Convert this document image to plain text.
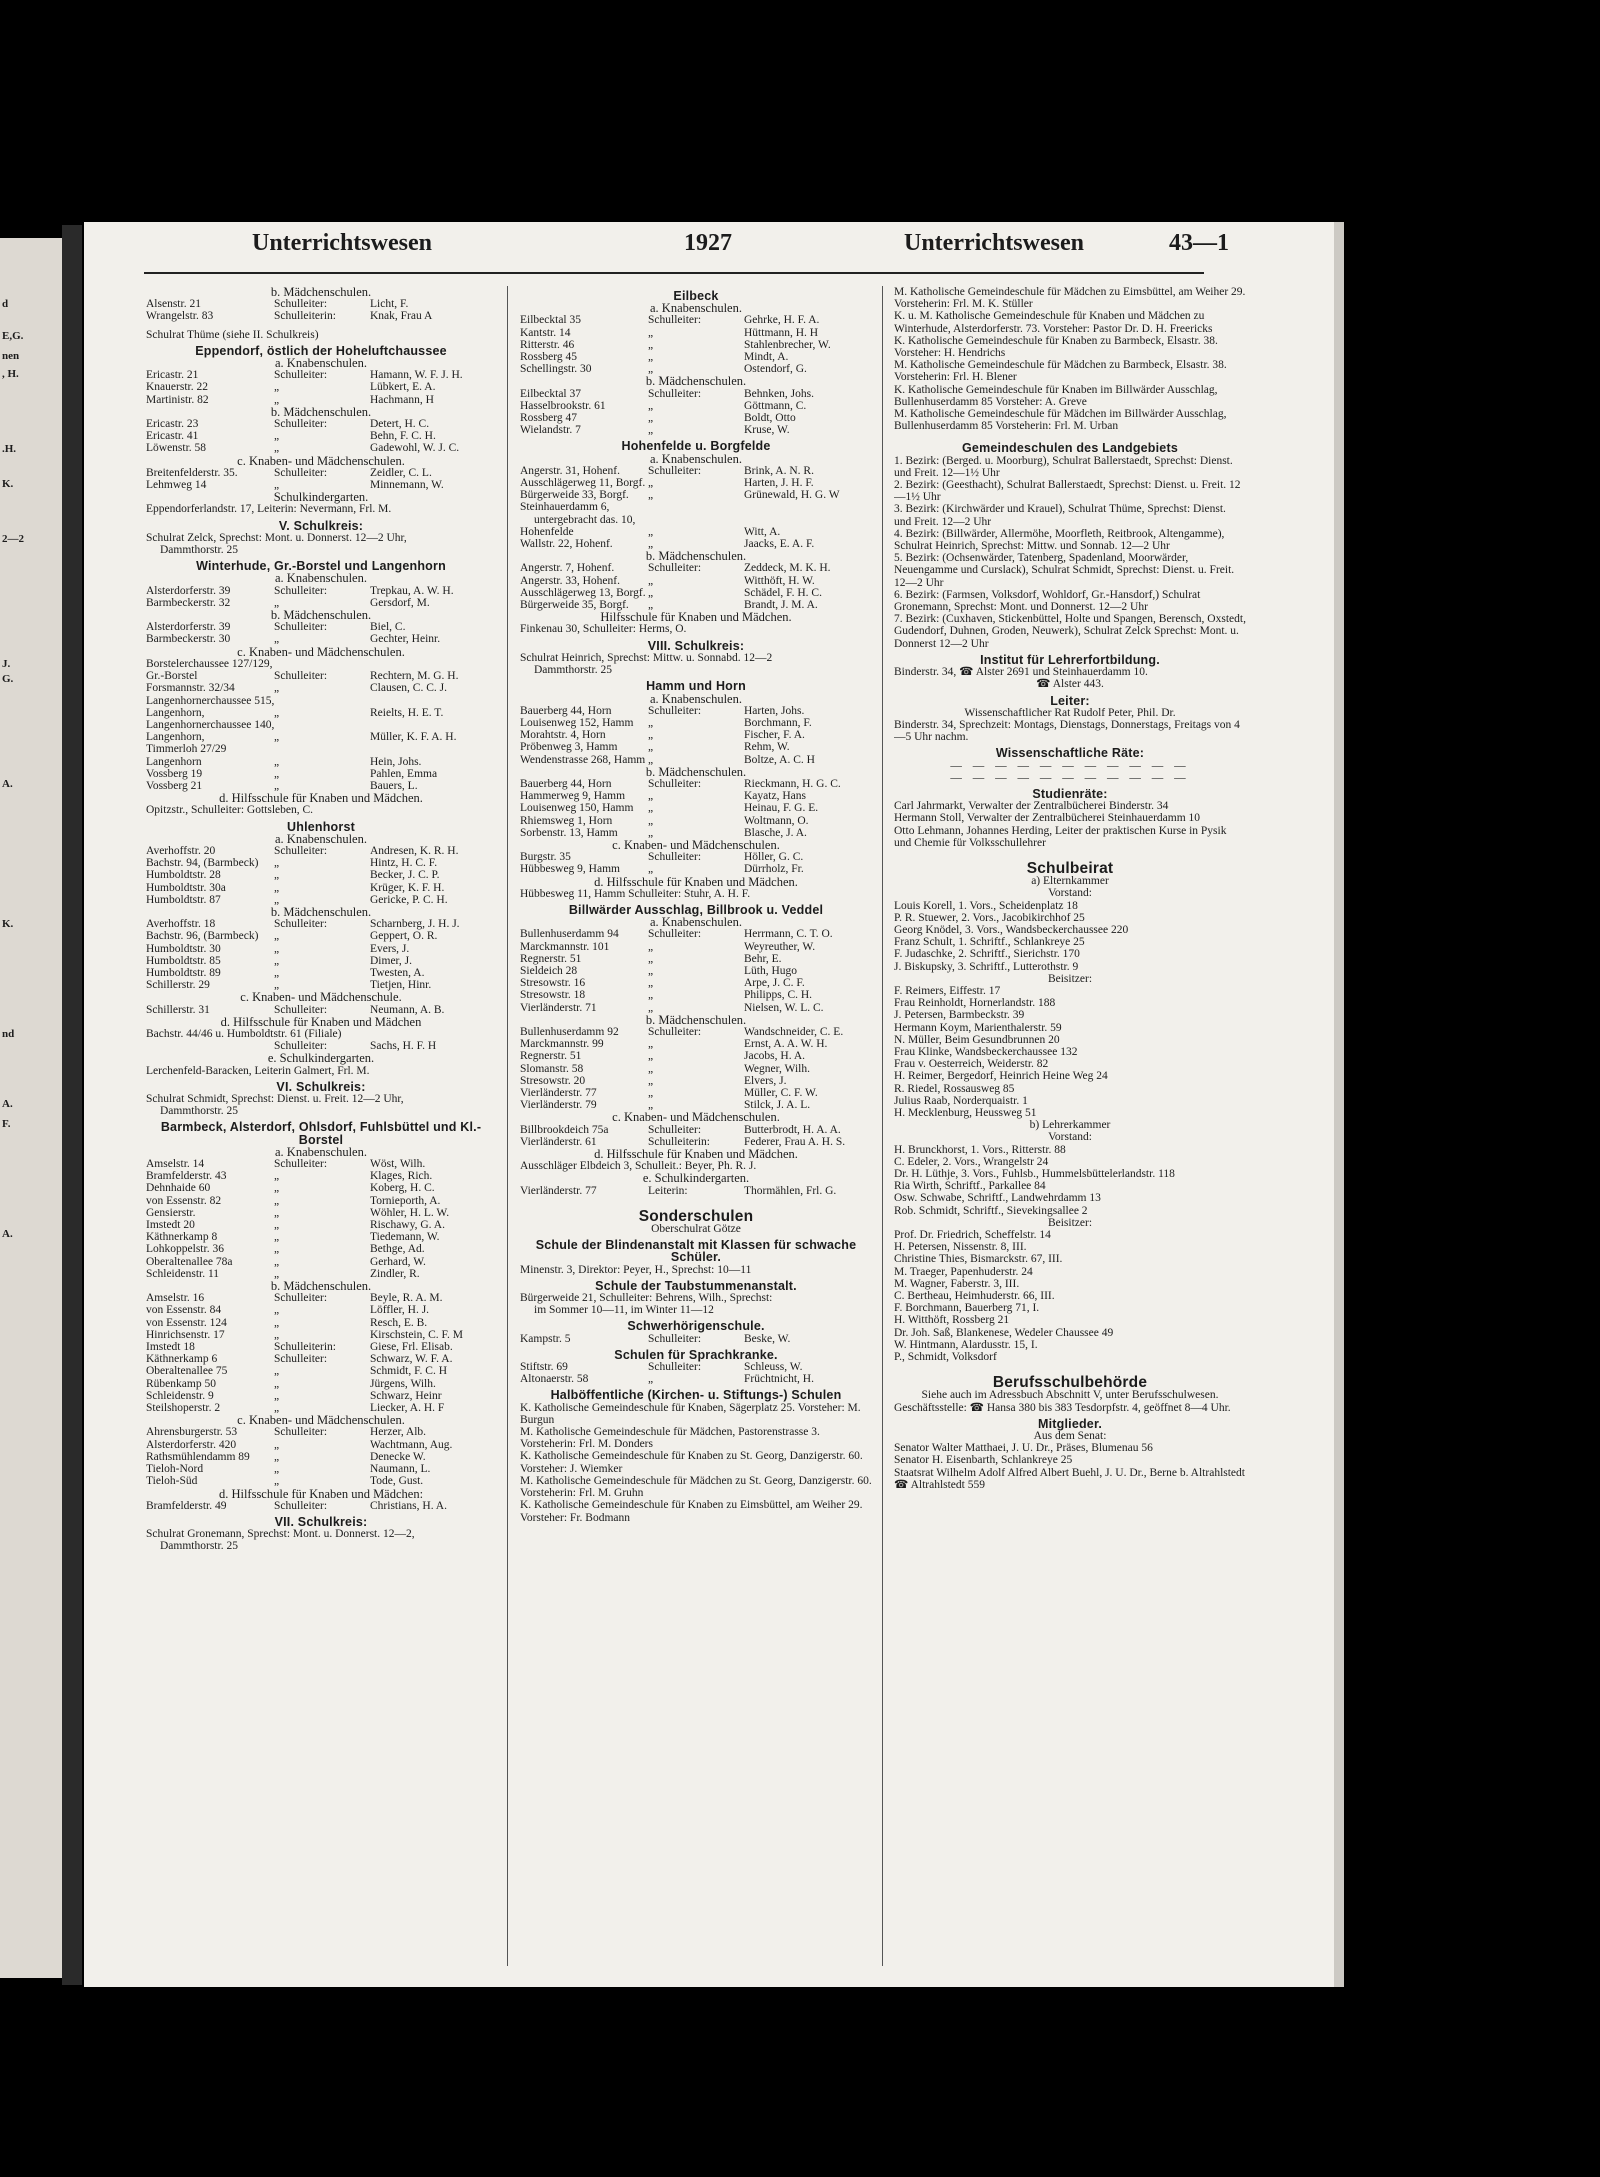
d
E,G.
nen
, H.
.H.
K.
2—2
J.
G.
A.
K.
nd
A.
F.
A.
Unterrichtswesen	1927	Unterrichtswesen	43—1
b. Mädchenschulen.
Alsenstr. 21	Schulleiter:	Licht, F.
Wrangelstr. 83	Schulleiterin:	Knak, Frau A
Schulrat Thüme (siehe II. Schulkreis)
Eppendorf, östlich der Hoheluftchaussee
a. Knabenschulen.
Ericastr. 21	Schulleiter:	Hamann, W. F. J. H.
Knauerstr. 22	„	Lübkert, E. A.
Martinistr. 82	„	Hachmann, H
b. Mädchenschulen.
Ericastr. 23	Schulleiter:	Detert, H. C.
Ericastr. 41	„	Behn, F. C. H.
Löwenstr. 58	„	Gadewohl, W. J. C.
c. Knaben- und Mädchenschulen.
Breitenfelderstr. 35.	Schulleiter:	Zeidler, C. L.
Lehmweg 14	„	Minnemann, W.
Schulkindergarten.
Eppendorferlandstr. 17, Leiterin: Nevermann, Frl. M.
V. Schulkreis:
Schulrat Zelck, Sprechst: Mont. u. Donnerst. 12—2 Uhr,
Dammthorstr. 25
Winterhude, Gr.-Borstel und Langenhorn
a. Knabenschulen.
Alsterdorferstr. 39	Schulleiter:	Trepkau, A. W. H.
Barmbeckerstr. 32	„	Gersdorf, M.
b. Mädchenschulen.
Alsterdorferstr. 39	Schulleiter:	Biel, C.
Barmbeckerstr. 30	„	Gechter, Heinr.
c. Knaben- und Mädchenschulen.
Borstelerchaussee 127/129,
Gr.-Borstel	Schulleiter:	Rechtern, M. G. H.
Forsmannstr. 32/34	„	Clausen, C. C. J.
Langenhornerchaussee 515,
Langenhorn,	„	Reielts, H. E. T.
Langenhornerchaussee 140,
Langenhorn,	„	Müller, K. F. A. H.
Timmerloh 27/29
Langenhorn	„	Hein, Johs.
Vossberg 19	„	Pahlen, Emma
Vossberg 21	„	Bauers, L.
d. Hilfsschule für Knaben und Mädchen.
Opitzstr., Schulleiter: Gottsleben, C.
Uhlenhorst
a. Knabenschulen.
Averhoffstr. 20	Schulleiter:	Andresen, K. R. H.
Bachstr. 94, (Barmbeck) „	Hintz, H. C. F.
Humboldtstr. 28	„	Becker, J. C. P.
Humboldtstr. 30a	„	Krüger, K. F. H.
Humboldtstr. 87	„	Gericke, P. C. H.
b. Mädchenschulen.
Averhoffstr. 18	Schulleiter:	Scharnberg, J. H. J.
Bachstr. 96, (Barmbeck) „	Geppert, O. R.
Humboldtstr. 30	„	Evers, J.
Humboldtstr. 85	„	Dimer, J.
Humboldtstr. 89	„	Twesten, A.
Schillerstr. 29	„	Tietjen, Hinr.
c. Knaben- und Mädchenschule.
Schillerstr. 31	Schulleiter:	Neumann, A. B.
d. Hilfsschule für Knaben und Mädchen
Bachstr. 44/46 u. Humboldtstr. 61 (Filiale)
Schulleiter:	Sachs, H. F. H
e. Schulkindergarten.
Lerchenfeld-Baracken, Leiterin Galmert, Frl. M.
VI. Schulkreis:
Schulrat Schmidt, Sprechst: Dienst. u. Freit. 12—2 Uhr,
Dammthorstr. 25
Barmbeck, Alsterdorf, Ohlsdorf, Fuhlsbüttel und Kl.-Borstel
a. Knabenschulen.
Amselstr. 14	Schulleiter:	Wöst, Wilh.
Bramfelderstr. 43	„	Klages, Rich.
Dehnhaide 60	„	Koberg, H. C.
von Essenstr. 82	„	Tornieporth, A.
Gensierstr.	„	Wöhler, H. L. W.
Imstedt 20	„	Rischawy, G. A.
Käthnerkamp 8	„	Tiedemann, W.
Lohkoppelstr. 36	„	Bethge, Ad.
Oberaltenallee 78a	„	Gerhard, W.
Schleidenstr. 11	„	Zindler, R.
b. Mädchenschulen.
Amselstr. 16	Schulleiter:	Beyle, R. A. M.
von Essenstr. 84	„	Löffler, H. J.
von Essenstr. 124	„	Resch, E. B.
Hinrichsenstr. 17	„	Kirschstein, C. F. M
Imstedt 18	Schulleiterin:	Giese, Frl. Elisab.
Käthnerkamp 6	Schulleiter:	Schwarz, W. F. A.
Oberaltenallee 75	„	Schmidt, F. C. H
Rübenkamp 50	„	Jürgens, Wilh.
Schleidenstr. 9	„	Schwarz, Heinr
Steilshoperstr. 2	„	Liecker, A. H. F
c. Knaben- und Mädchenschulen.
Ahrensburgerstr. 53	Schulleiter:	Herzer, Alb.
Alsterdorferstr. 420	„	Wachtmann, Aug.
Rathsmühlendamm 89 „	Denecke W.
Tieloh-Nord	„	Naumann, L.
Tieloh-Süd	„	Tode, Gust.
d. Hilfsschule für Knaben und Mädchen:
Bramfelderstr. 49	Schulleiter:	Christians, H. A.
VII. Schulkreis:
Schulrat Gronemann, Sprechst: Mont. u. Donnerst. 12—2,
Dammthorstr. 25
Eilbeck
a. Knabenschulen.
Eilbecktal 35	Schulleiter:	Gehrke, H. F. A.
Kantstr. 14	„	Hüttmann, H. H
Ritterstr. 46	„	Stahlenbrecher, W.
Rossberg 45	„	Mindt, A.
Schellingstr. 30	„	Ostendorf, G.
b. Mädchenschulen.
Eilbecktal 37	Schulleiter:	Behnken, Johs.
Hasselbrookstr. 61	„	Göttmann, C.
Rossberg 47	„	Boldt, Otto
Wielandstr. 7	„	Kruse, W.
Hohenfelde u. Borgfelde
a. Knabenschulen.
Angerstr. 31, Hohenf. Schulleiter:	Brink, A. N. R.
Ausschlägerweg 11, Borgf. „	Harten, J. H. F.
Bürgerweide 33, Borgf. „	Grünewald, H. G. W
Steinhauerdamm 6,
untergebracht das. 10,
Hohenfelde	„	Witt, A.
Wallstr. 22, Hohenf.	„	Jaacks, E. A. F.
b. Mädchenschulen.
Angerstr. 7, Hohenf.	Schulleiter:	Zeddeck, M. K. H.
Angerstr. 33, Hohenf. „	Witthöft, H. W.
Ausschlägerweg 13, Borgf. „	Schädel, F. H. C.
Bürgerweide 35, Borgf. „	Brandt, J. M. A.
Hilfsschule für Knaben und Mädchen.
Finkenau 30, Schulleiter: Herms, O.
VIII. Schulkreis:
Schulrat Heinrich, Sprechst: Mittw. u. Sonnabd. 12—2
Dammthorstr. 25
Hamm und Horn
a. Knabenschulen.
Bauerberg 44, Horn	Schulleiter:	Harten, Johs.
Louisenweg 152, Hamm „	Borchmann, F.
Morahtstr. 4, Horn	„	Fischer, F. A.
Pröbenweg 3, Hamm	„	Rehm, W.
Wendenstrasse 268, Hamm „	Boltze, A. C. H
b. Mädchenschulen.
Bauerberg 44, Horn	Schulleiter:	Rieckmann, H. G. C.
Hammerweg 9, Hamm „	Kayatz, Hans
Louisenweg 150, Hamm „	Heinau, F. G. E.
Rhiemsweg 1, Horn	„	Woltmann, O.
Sorbenstr. 13, Hamm	„	Blasche, J. A.
c. Knaben- und Mädchenschulen.
Burgstr. 35	Schulleiter:	Höller, G. C.
Hübbesweg 9, Hamm „	Dürrholz, Fr.
d. Hilfsschule für Knaben und Mädchen.
Hübbesweg 11, Hamm Schulleiter: Stuhr, A. H. F.
Billwärder Ausschlag, Billbrook u. Veddel
a. Knabenschulen.
Bullenhuserdamm 94	Schulleiter:	Herrmann, C. T. O.
Marckmannstr. 101	„	Weyreuther, W.
Regnerstr. 51	„	Behr, E.
Sieldeich 28	„	Lüth, Hugo
Stresowstr. 16	„	Arpe, J. C. F.
Stresowstr. 18	„	Philipps, C. H.
Vierländerstr. 71	„	Nielsen, W. L. C.
b. Mädchenschulen.
Bullenhuserdamm 92	Schulleiter:	Wandschneider, C. E.
Marckmannstr. 99	„	Ernst, A. A. W. H.
Regnerstr. 51	„	Jacobs, H. A.
Slomanstr. 58	„	Wegner, Wilh.
Stresowstr. 20	„	Elvers, J.
Vierländerstr. 77	„	Müller, C. F. W.
Vierländerstr. 79	„	Stilck, J. A. L.
c. Knaben- und Mädchenschulen.
Billbrookdeich 75a	Schulleiter:	Butterbrodt, H. A. A.
Vierländerstr. 61	Schulleiterin:	Federer, Frau A. H. S.
d. Hilfsschule für Knaben und Mädchen.
Ausschläger Elbdeich 3, Schulleit.: Beyer, Ph. R. J.
e. Schulkindergarten.
Vierländerstr. 77	Leiterin:	Thormählen, Frl. G.
Sonderschulen
Oberschulrat Götze
Schule der Blindenanstalt mit Klassen für schwache Schüler.
Minenstr. 3, Direktor: Peyer, H., Sprechst: 10—11
Schule der Taubstummenanstalt.
Bürgerweide 21, Schulleiter: Behrens, Wilh., Sprechst:
im Sommer 10—11, im Winter 11—12
Schwerhörigenschule.
Kampstr. 5	Schulleiter:	Beske, W.
Schulen für Sprachkranke.
Stiftstr. 69	Schulleiter:	Schleuss, W.
Altonaerstr. 58	„	Früchtnicht, H.
Halböffentliche (Kirchen- u. Stiftungs-) Schulen
K. Katholische Gemeindeschule für Knaben, Sägerplatz 25. Vorsteher: M. Burgun
M. Katholische Gemeindeschule für Mädchen, Pastorenstrasse 3. Vorsteherin: Frl. M. Donders
K. Katholische Gemeindeschule für Knaben zu St. Georg, Danzigerstr. 60. Vorsteher: J. Wiemker
M. Katholische Gemeindeschule für Mädchen zu St. Georg, Danzigerstr. 60. Vorsteherin: Frl. M. Gruhn
K. Katholische Gemeindeschule für Knaben zu Eimsbüttel, am Weiher 29. Vorsteher: Fr. Bodmann
M. Katholische Gemeindeschule für Mädchen zu Eimsbüttel, am Weiher 29. Vorsteherin: Frl. M. K. Stüller
K. u. M. Katholische Gemeindeschule für Knaben und Mädchen zu Winterhude, Alsterdorferstr. 73. Vorsteher: Pastor Dr. D. H. Freericks
K. Katholische Gemeindeschule für Knaben zu Barmbeck, Elsastr. 38. Vorsteher: H. Hendrichs
M. Katholische Gemeindeschule für Mädchen zu Barmbeck, Elsastr. 38. Vorsteherin: Frl. H. Blener
K. Katholische Gemeindeschule für Knaben im Billwärder Ausschlag, Bullenhuserdamm 85 Vorsteher: A. Greve
M. Katholische Gemeindeschule für Mädchen im Billwärder Ausschlag, Bullenhuserdamm 85 Vorsteherin: Frl. M. Urban
Gemeindeschulen des Landgebiets
1. Bezirk: (Berged. u. Moorburg), Schulrat Ballerstaedt, Sprechst: Dienst. und Freit. 12—1½ Uhr
2. Bezirk: (Geesthacht), Schulrat Ballerstaedt, Sprechst: Dienst. u. Freit. 12—1½ Uhr
3. Bezirk: (Kirchwärder und Krauel), Schulrat Thüme, Sprechst: Dienst. und Freit. 12—2 Uhr
4. Bezirk: (Billwärder, Allermöhe, Moorfleth, Reitbrook, Altengamme), Schulrat Heinrich, Sprechst: Mittw. und Sonnab. 12—2 Uhr
5. Bezirk: (Ochsenwärder, Tatenberg, Spadenland, Moorwärder, Neuengamme und Curslack), Schulrat Schmidt, Sprechst: Dienst. u. Freit. 12—2 Uhr
6. Bezirk: (Farmsen, Volksdorf, Wohldorf, Gr.-Hansdorf,) Schulrat Gronemann, Sprechst: Mont. und Donnerst. 12—2 Uhr
7. Bezirk: (Cuxhaven, Stickenbüttel, Holte und Spangen, Berensch, Oxstedt, Gudendorf, Duhnen, Groden, Neuwerk), Schulrat Zelck Sprechst: Mont. u. Donnerst 12—2 Uhr
Institut für Lehrerfortbildung.
Binderstr. 34, ☎ Alster 2691 und Steinhauerdamm 10.
☎ Alster 443.
Leiter:
Wissenschaftlicher Rat Rudolf Peter, Phil. Dr.
Binderstr. 34, Sprechzeit: Montags, Dienstags, Donnerstags, Freitags von 4—5 Uhr nachm.
Wissenschaftliche Räte:
— — — — — — — — — — —
— — — — — — — — — — —
Studienräte:
Carl Jahrmarkt, Verwalter der Zentralbücherei Binderstr. 34
Hermann Stoll, Verwalter der Zentralbücherei Steinhauerdamm 10
Otto Lehmann, Johannes Herding, Leiter der praktischen Kurse in Pysik und Chemie für Volksschullehrer
Schulbeirat
a) Elternkammer
Vorstand:
Louis Korell, 1. Vors., Scheidenplatz 18
P. R. Stuewer, 2. Vors., Jacobikirchhof 25
Georg Knödel, 3. Vors., Wandsbeckerchaussee 220
Franz Schult, 1. Schriftf., Schlankreye 25
F. Judaschke, 2. Schriftf., Sierichstr. 170
J. Biskupsky, 3. Schriftf., Lutterothstr. 9
Beisitzer:
F. Reimers, Eiffestr. 17
Frau Reinholdt, Hornerlandstr. 188
J. Petersen, Barmbeckstr. 39
Hermann Koym, Marienthalerstr. 59
N. Müller, Beim Gesundbrunnen 20
Frau Klinke, Wandsbeckerchaussee 132
Frau v. Oesterreich, Weiderstr. 82
H. Reimer, Bergedorf, Heinrich Heine Weg 24
R. Riedel, Rossausweg 85
Julius Raab, Norderquaistr. 1
H. Mecklenburg, Heussweg 51
b) Lehrerkammer
Vorstand:
H. Brunckhorst, 1. Vors., Ritterstr. 88
C. Edeler, 2. Vors., Wrangelstr 24
Dr. H. Lüthje, 3. Vors., Fuhlsb., Hummelsbüttelerlandstr. 118
Ria Wirth, Schriftf., Parkallee 84
Osw. Schwabe, Schriftf., Landwehrdamm 13
Rob. Schmidt, Schriftf., Sievekingsallee 2
Beisitzer:
Prof. Dr. Friedrich, Scheffelstr. 14
H. Petersen, Nissenstr. 8, III.
Christine Thies, Bismarckstr. 67, III.
M. Traeger, Papenhuderstr. 24
M. Wagner, Faberstr. 3, III.
C. Bertheau, Heimhuderstr. 66, III.
F. Borchmann, Bauerberg 71, I.
H. Witthöft, Rossberg 21
Dr. Joh. Saß, Blankenese, Wedeler Chaussee 49
W. Hintmann, Alardusstr. 15, I.
P., Schmidt, Volksdorf
Berufsschulbehörde
Siehe auch im Adressbuch Abschnitt V, unter Berufsschulwesen.
Geschäftsstelle: ☎ Hansa 380 bis 383 Tesdorpfstr. 4, geöffnet 8—4 Uhr.
Mitglieder.
Aus dem Senat:
Senator Walter Matthaei, J. U. Dr., Präses, Blumenau 56
Senator H. Eisenbarth, Schlankreye 25
Staatsrat Wilhelm Adolf Alfred Albert Buehl, J. U. Dr., Berne b. Altrahlstedt ☎ Altrahlstedt 559
